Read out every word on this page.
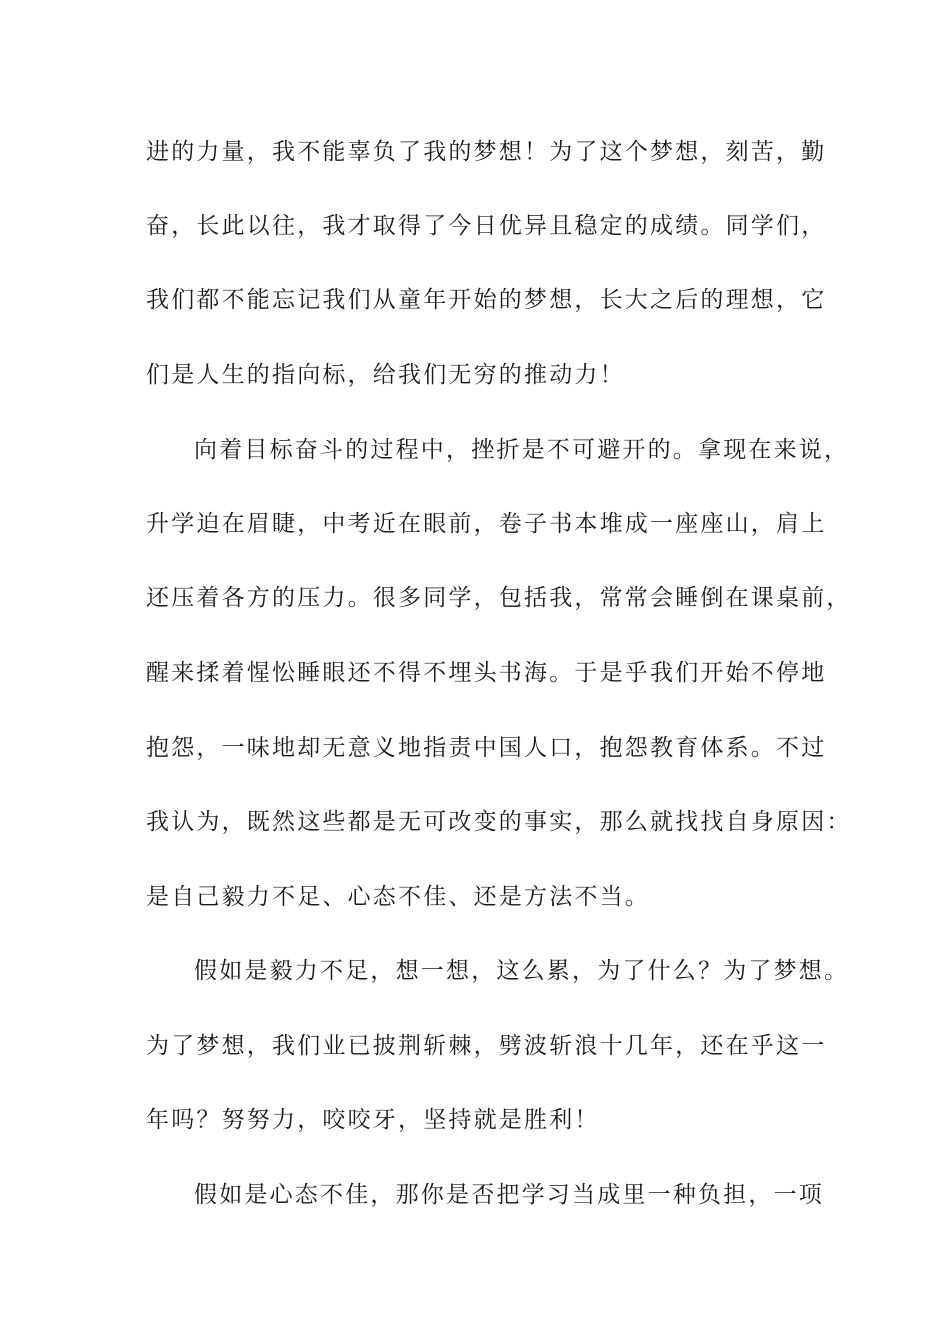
进的力量，我不能辜负了我的梦想！为了这个梦想，刻苦，勤
奋，长此以往，我才取得了今日优异且稳定的成绩。同学们，
我们都不能忘记我们从童年开始的梦想，长大之后的理想，它
们是人生的指向标，给我们无穷的推动力！
向着目标奋斗的过程中，挫折是不可避开的。拿现在来说，
升学迫在眉睫，中考近在眼前，卷子书本堆成一座座山，肩上
还压着各方的压力。很多同学，包括我，常常会睡倒在课桌前，
醒来揉着惺忪睡眼还不得不埋头书海。于是乎我们开始不停地
抱怨，一味地却无意义地指责中国人口，抱怨教育体系。不过
我认为，既然这些都是无可改变的事实，那么就找找自身原因：
是自己毅力不足、心态不佳、还是方法不当。
假如是毅力不足，想一想，这么累，为了什么？为了梦想。
为了梦想，我们业已披荆斩棘，劈波斩浪十几年，还在乎这一
年吗？努努力，咬咬牙，坚持就是胜利！
假如是心态不佳，那你是否把学习当成里一种负担，一项
